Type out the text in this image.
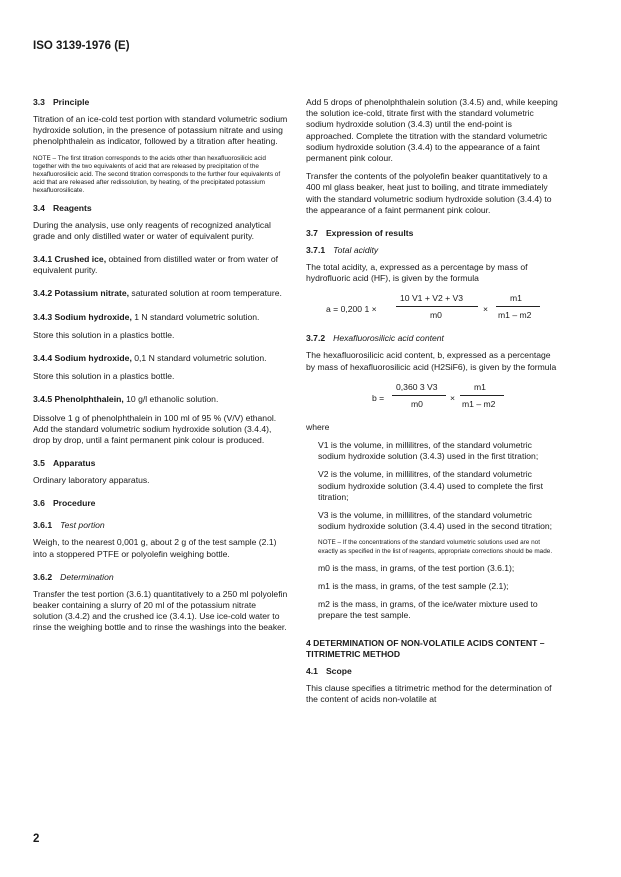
ISO 3139-1976 (E)
3.3 Principle

Titration of an ice-cold test portion with standard volumetric sodium hydroxide solution, in the presence of potassium nitrate and using phenolphthalein as indicator, followed by a titration after heating.

NOTE – The first titration corresponds to the acids other than hexafluorosilicic acid together with the two equivalents of acid that are released by precipitation of the hexafluorosilicic acid. The second titration corresponds to the further four equivalents of acid that are released after redissolution, by heating, of the precipitated potassium hexafluorosilicate.

3.4 Reagents

During the analysis, use only reagents of recognized analytical grade and only distilled water or water of equivalent purity.

3.4.1 Crushed ice, obtained from distilled water or from water of equivalent purity.

3.4.2 Potassium nitrate, saturated solution at room temperature.

3.4.3 Sodium hydroxide, 1 N standard volumetric solution.

Store this solution in a plastics bottle.

3.4.4 Sodium hydroxide, 0,1 N standard volumetric solution.

Store this solution in a plastics bottle.

3.4.5 Phenolphthalein, 10 g/l ethanolic solution.

Dissolve 1 g of phenolphthalein in 100 ml of 95 % (V/V) ethanol. Add the standard volumetric sodium hydroxide solution (3.4.4), drop by drop, until a faint permanent pink colour is produced.

3.5 Apparatus

Ordinary laboratory apparatus.

3.6 Procedure
3.6.1 Test portion

Weigh, to the nearest 0,001 g, about 2 g of the test sample (2.1) into a stoppered PTFE or polyolefin weighing bottle.

3.6.2 Determination

Transfer the test portion (3.6.1) quantitatively to a 250 ml polyolefin beaker containing a slurry of 20 ml of the potassium nitrate solution (3.4.2) and the crushed ice (3.4.1). Use ice-cold water to rinse the weighing bottle and to rinse the washings into the beaker.

Add 5 drops of phenolphthalein solution (3.4.5) and, while keeping the solution ice-cold, titrate first with the standard volumetric sodium hydroxide solution (3.4.3) until the end-point is approached. Complete the titration with the standard volumetric sodium hydroxide solution (3.4.4) to the appearance of a faint permanent pink colour.

Transfer the contents of the polyolefin beaker quantitatively to a 400 ml glass beaker, heat just to boiling, and titrate immediately with the standard volumetric sodium hydroxide solution (3.4.4) to the appearance of a faint permanent pink colour.

3.7 Expression of results
3.7.1 Total acidity

The total acidity, a, expressed as a percentage by mass of hydrofluoric acid (HF), is given by the formula

a = 0,200 1 ×
10 V1 + V2 + V3
m0
×
m1
m1 – m2
3.7.2 Hexafluorosilicic acid content

The hexafluorosilicic acid content, b, expressed as a percentage by mass of hexafluorosilicic acid (H2SiF6), is given by the formula

b =
0,360 3 V3
m0
×
m1
m1 – m2

where

V1 is the volume, in millilitres, of the standard volumetric sodium hydroxide solution (3.4.3) used in the first titration;

V2 is the volume, in millilitres, of the standard volumetric sodium hydroxide solution (3.4.4) used to complete the first titration;

V3 is the volume, in millilitres, of the standard volumetric sodium hydroxide solution (3.4.4) used in the second titration;

NOTE – If the concentrations of the standard volumetric solutions used are not exactly as specified in the list of reagents, appropriate corrections should be made.

m0 is the mass, in grams, of the test portion (3.6.1);

m1 is the mass, in grams, of the test sample (2.1);

m2 is the mass, in grams, of the ice/water mixture used to prepare the test sample.

4 DETERMINATION OF NON-VOLATILE ACIDS CONTENT – TITRIMETRIC METHOD
4.1 Scope

This clause specifies a titrimetric method for the determination of the content of acids non-volatile at

2
